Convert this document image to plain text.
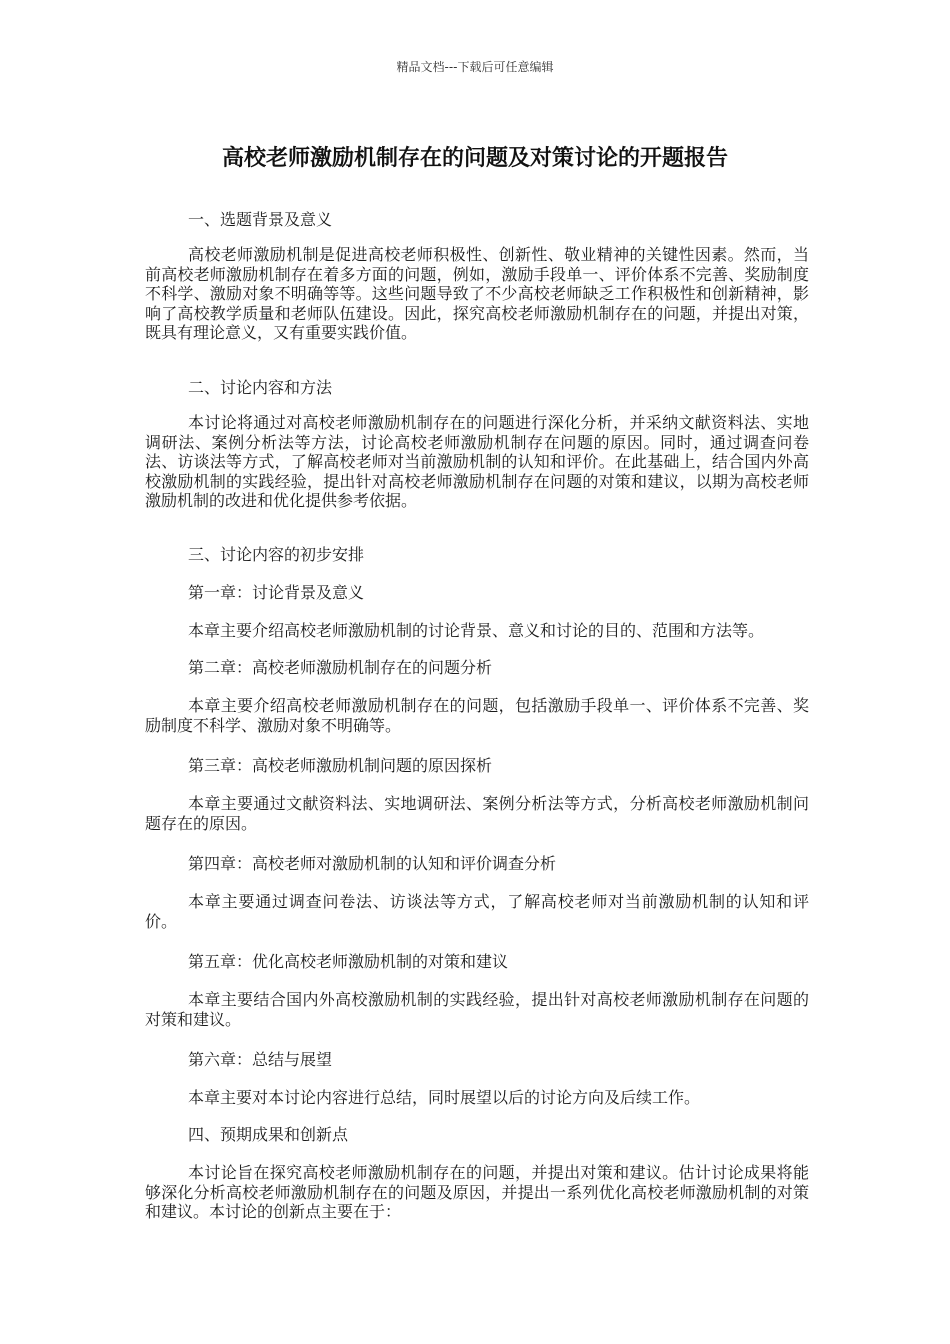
精品文档---下载后可任意编辑
高校老师激励机制存在的问题及对策讨论的开题报告

一、选题背景及意义

高校老师激励机制是促进高校老师积极性、创新性、敬业精神的关键性因素。然而，当前高校老师激励机制存在着多方面的问题，例如，激励手段单一、评价体系不完善、奖励制度不科学、激励对象不明确等等。这些问题导致了不少高校老师缺乏工作积极性和创新精神，影响了高校教学质量和老师队伍建设。因此，探究高校老师激励机制存在的问题，并提出对策，既具有理论意义，又有重要实践价值。

二、讨论内容和方法

本讨论将通过对高校老师激励机制存在的问题进行深化分析，并采纳文献资料法、实地调研法、案例分析法等方法，讨论高校老师激励机制存在问题的原因。同时，通过调查问卷法、访谈法等方式，了解高校老师对当前激励机制的认知和评价。在此基础上，结合国内外高校激励机制的实践经验，提出针对高校老师激励机制存在问题的对策和建议，以期为高校老师激励机制的改进和优化提供参考依据。

三、讨论内容的初步安排

第一章：讨论背景及意义

本章主要介绍高校老师激励机制的讨论背景、意义和讨论的目的、范围和方法等。

第二章：高校老师激励机制存在的问题分析

本章主要介绍高校老师激励机制存在的问题，包括激励手段单一、评价体系不完善、奖励制度不科学、激励对象不明确等。

第三章：高校老师激励机制问题的原因探析

本章主要通过文献资料法、实地调研法、案例分析法等方式，分析高校老师激励机制问题存在的原因。

第四章：高校老师对激励机制的认知和评价调查分析

本章主要通过调查问卷法、访谈法等方式，了解高校老师对当前激励机制的认知和评价。

第五章：优化高校老师激励机制的对策和建议

本章主要结合国内外高校激励机制的实践经验，提出针对高校老师激励机制存在问题的对策和建议。

第六章：总结与展望

本章主要对本讨论内容进行总结，同时展望以后的讨论方向及后续工作。

四、预期成果和创新点

本讨论旨在探究高校老师激励机制存在的问题，并提出对策和建议。估计讨论成果将能够深化分析高校老师激励机制存在的问题及原因，并提出一系列优化高校老师激励机制的对策和建议。本讨论的创新点主要在于：
